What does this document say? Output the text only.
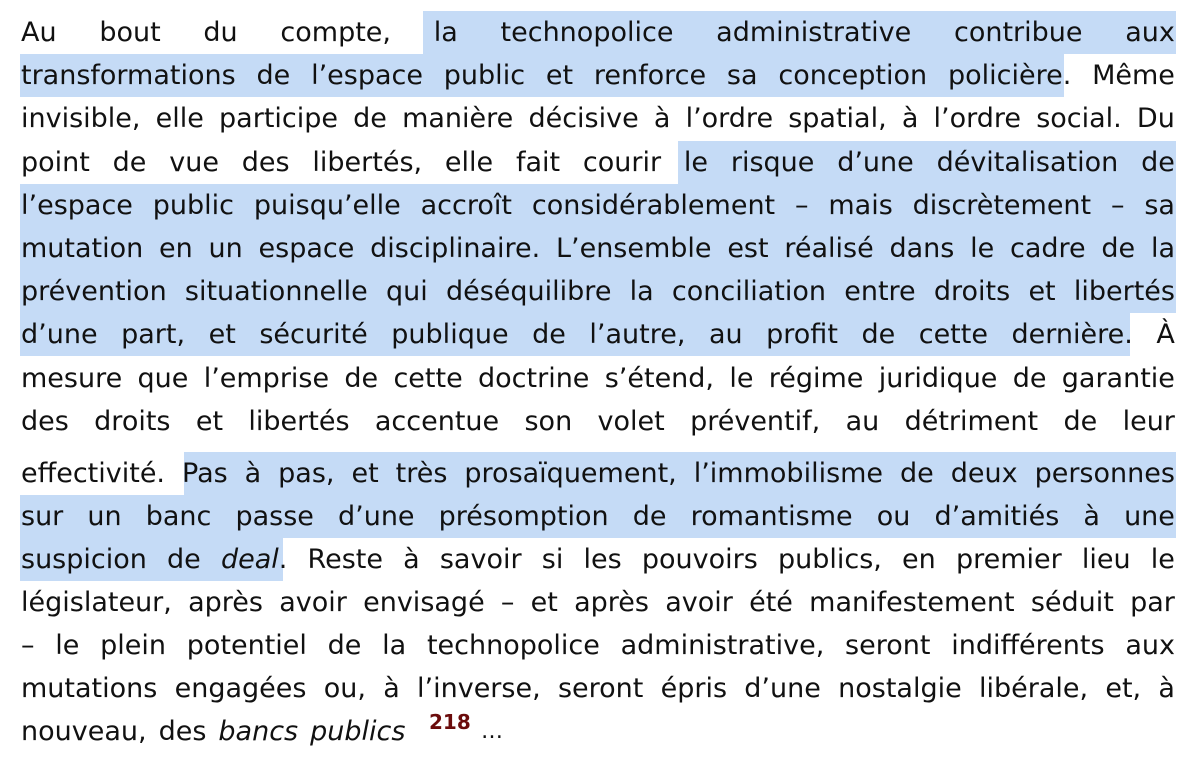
Au bout du compte, la technopolice administrative contribue aux
transformations de l’espace public et renforce sa conception policière. Même
invisible, elle participe de manière décisive à l’ordre spatial, à l’ordre social. Du
point de vue des libertés, elle fait courir le risque d’une dévitalisation de
l’espace public puisqu’elle accroît considérablement – mais discrètement – sa
mutation en un espace disciplinaire. L’ensemble est réalisé dans le cadre de la
prévention situationnelle qui déséquilibre la conciliation entre droits et libertés
d’une part, et sécurité publique de l’autre, au profit de cette dernière. À
mesure que l’emprise de cette doctrine s’étend, le régime juridique de garantie
des droits et libertés accentue son volet préventif, au détriment de leur
effectivité. Pas à pas, et très prosaïquement, l’immobilisme de deux personnes
sur un banc passe d’une présomption de romantisme ou d’amitiés à une
suspicion de deal. Reste à savoir si les pouvoirs publics, en premier lieu le
législateur, après avoir envisagé – et après avoir été manifestement séduit par
– le plein potentiel de la technopolice administrative, seront indifférents aux
mutations engagées ou, à l’inverse, seront épris d’une nostalgie libérale, et, à
nouveau, des bancs publics 218 …
